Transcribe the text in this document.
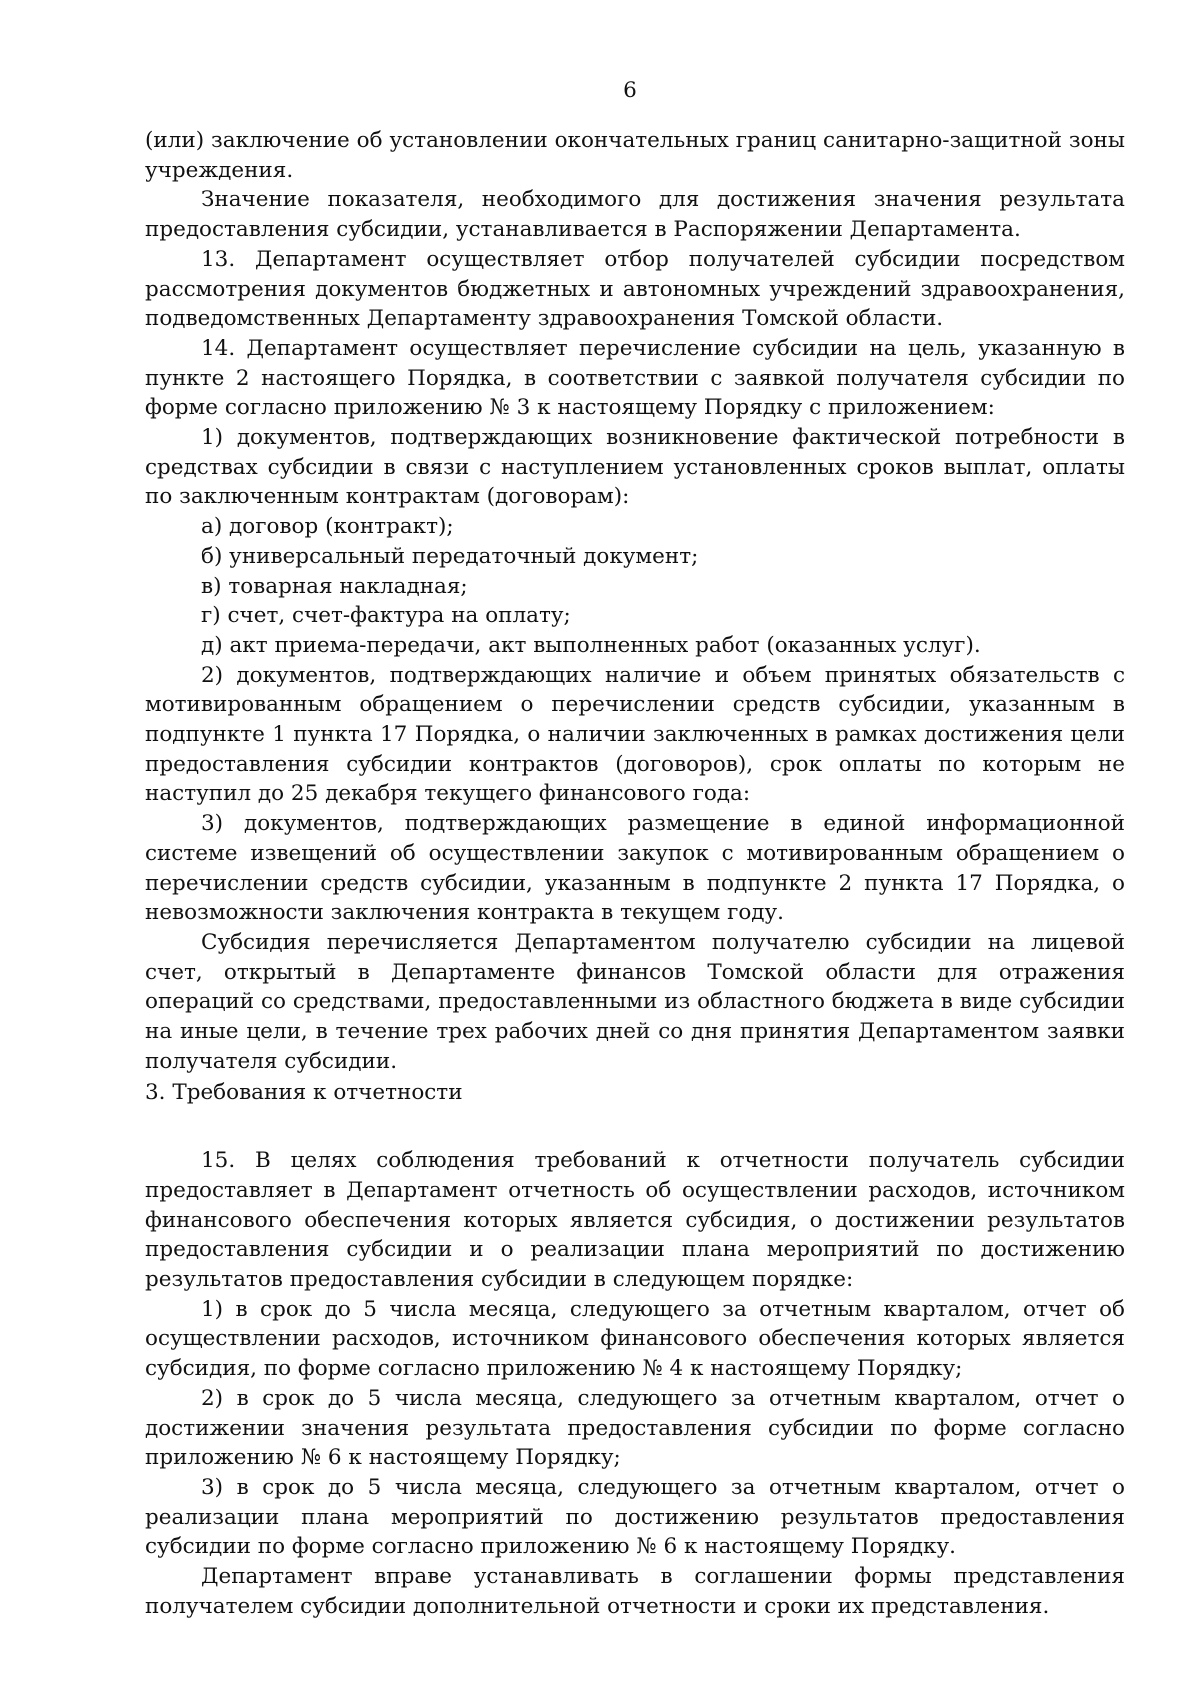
6

(или) заключение об установлении окончательных границ санитарно-защитной зоны учреждения.

Значение показателя, необходимого для достижения значения результата предоставления субсидии, устанавливается в Распоряжении Департамента.

13. Департамент осуществляет отбор получателей субсидии посредством рассмотрения документов бюджетных и автономных учреждений здравоохранения, подведомственных Департаменту здравоохранения Томской области.

14. Департамент осуществляет перечисление субсидии на цель, указанную в пункте 2 настоящего Порядка, в соответствии с заявкой получателя субсидии по форме согласно приложению № 3 к настоящему Порядку с приложением:

1) документов, подтверждающих возникновение фактической потребности в средствах субсидии в связи с наступлением установленных сроков выплат, оплаты по заключенным контрактам (договорам):

а) договор (контракт);

б) универсальный передаточный документ;

в) товарная накладная;

г) счет, счет-фактура на оплату;

д) акт приема-передачи, акт выполненных работ (оказанных услуг).

2) документов, подтверждающих наличие и объем принятых обязательств с мотивированным обращением о перечислении средств субсидии, указанным в подпункте 1 пункта 17 Порядка, о наличии заключенных в рамках достижения цели предоставления субсидии контрактов (договоров), срок оплаты по которым не наступил до 25 декабря текущего финансового года:

3) документов, подтверждающих размещение в единой информационной системе извещений об осуществлении закупок с мотивированным обращением о перечислении средств субсидии, указанным в подпункте 2 пункта 17 Порядка, о невозможности заключения контракта в текущем году.

Субсидия перечисляется Департаментом получателю субсидии на лицевой счет, открытый в Департаменте финансов Томской области для отражения операций со средствами, предоставленными из областного бюджета в виде субсидии на иные цели, в течение трех рабочих дней со дня принятия Департаментом заявки получателя субсидии.

3. Требования к отчетности

15. В целях соблюдения требований к отчетности получатель субсидии предоставляет в Департамент отчетность об осуществлении расходов, источником финансового обеспечения которых является субсидия, о достижении результатов предоставления субсидии и о реализации плана мероприятий по достижению результатов предоставления субсидии в следующем порядке:

1) в срок до 5 числа месяца, следующего за отчетным кварталом, отчет об осуществлении расходов, источником финансового обеспечения которых является субсидия, по форме согласно приложению № 4 к настоящему Порядку;

2) в срок до 5 числа месяца, следующего за отчетным кварталом, отчет о достижении значения результата предоставления субсидии по форме согласно приложению № 6 к настоящему Порядку;

3) в срок до 5 числа месяца, следующего за отчетным кварталом, отчет о реализации плана мероприятий по достижению результатов предоставления субсидии по форме согласно приложению № 6 к настоящему Порядку.

Департамент вправе устанавливать в соглашении формы представления получателем субсидии дополнительной отчетности и сроки их представления.
